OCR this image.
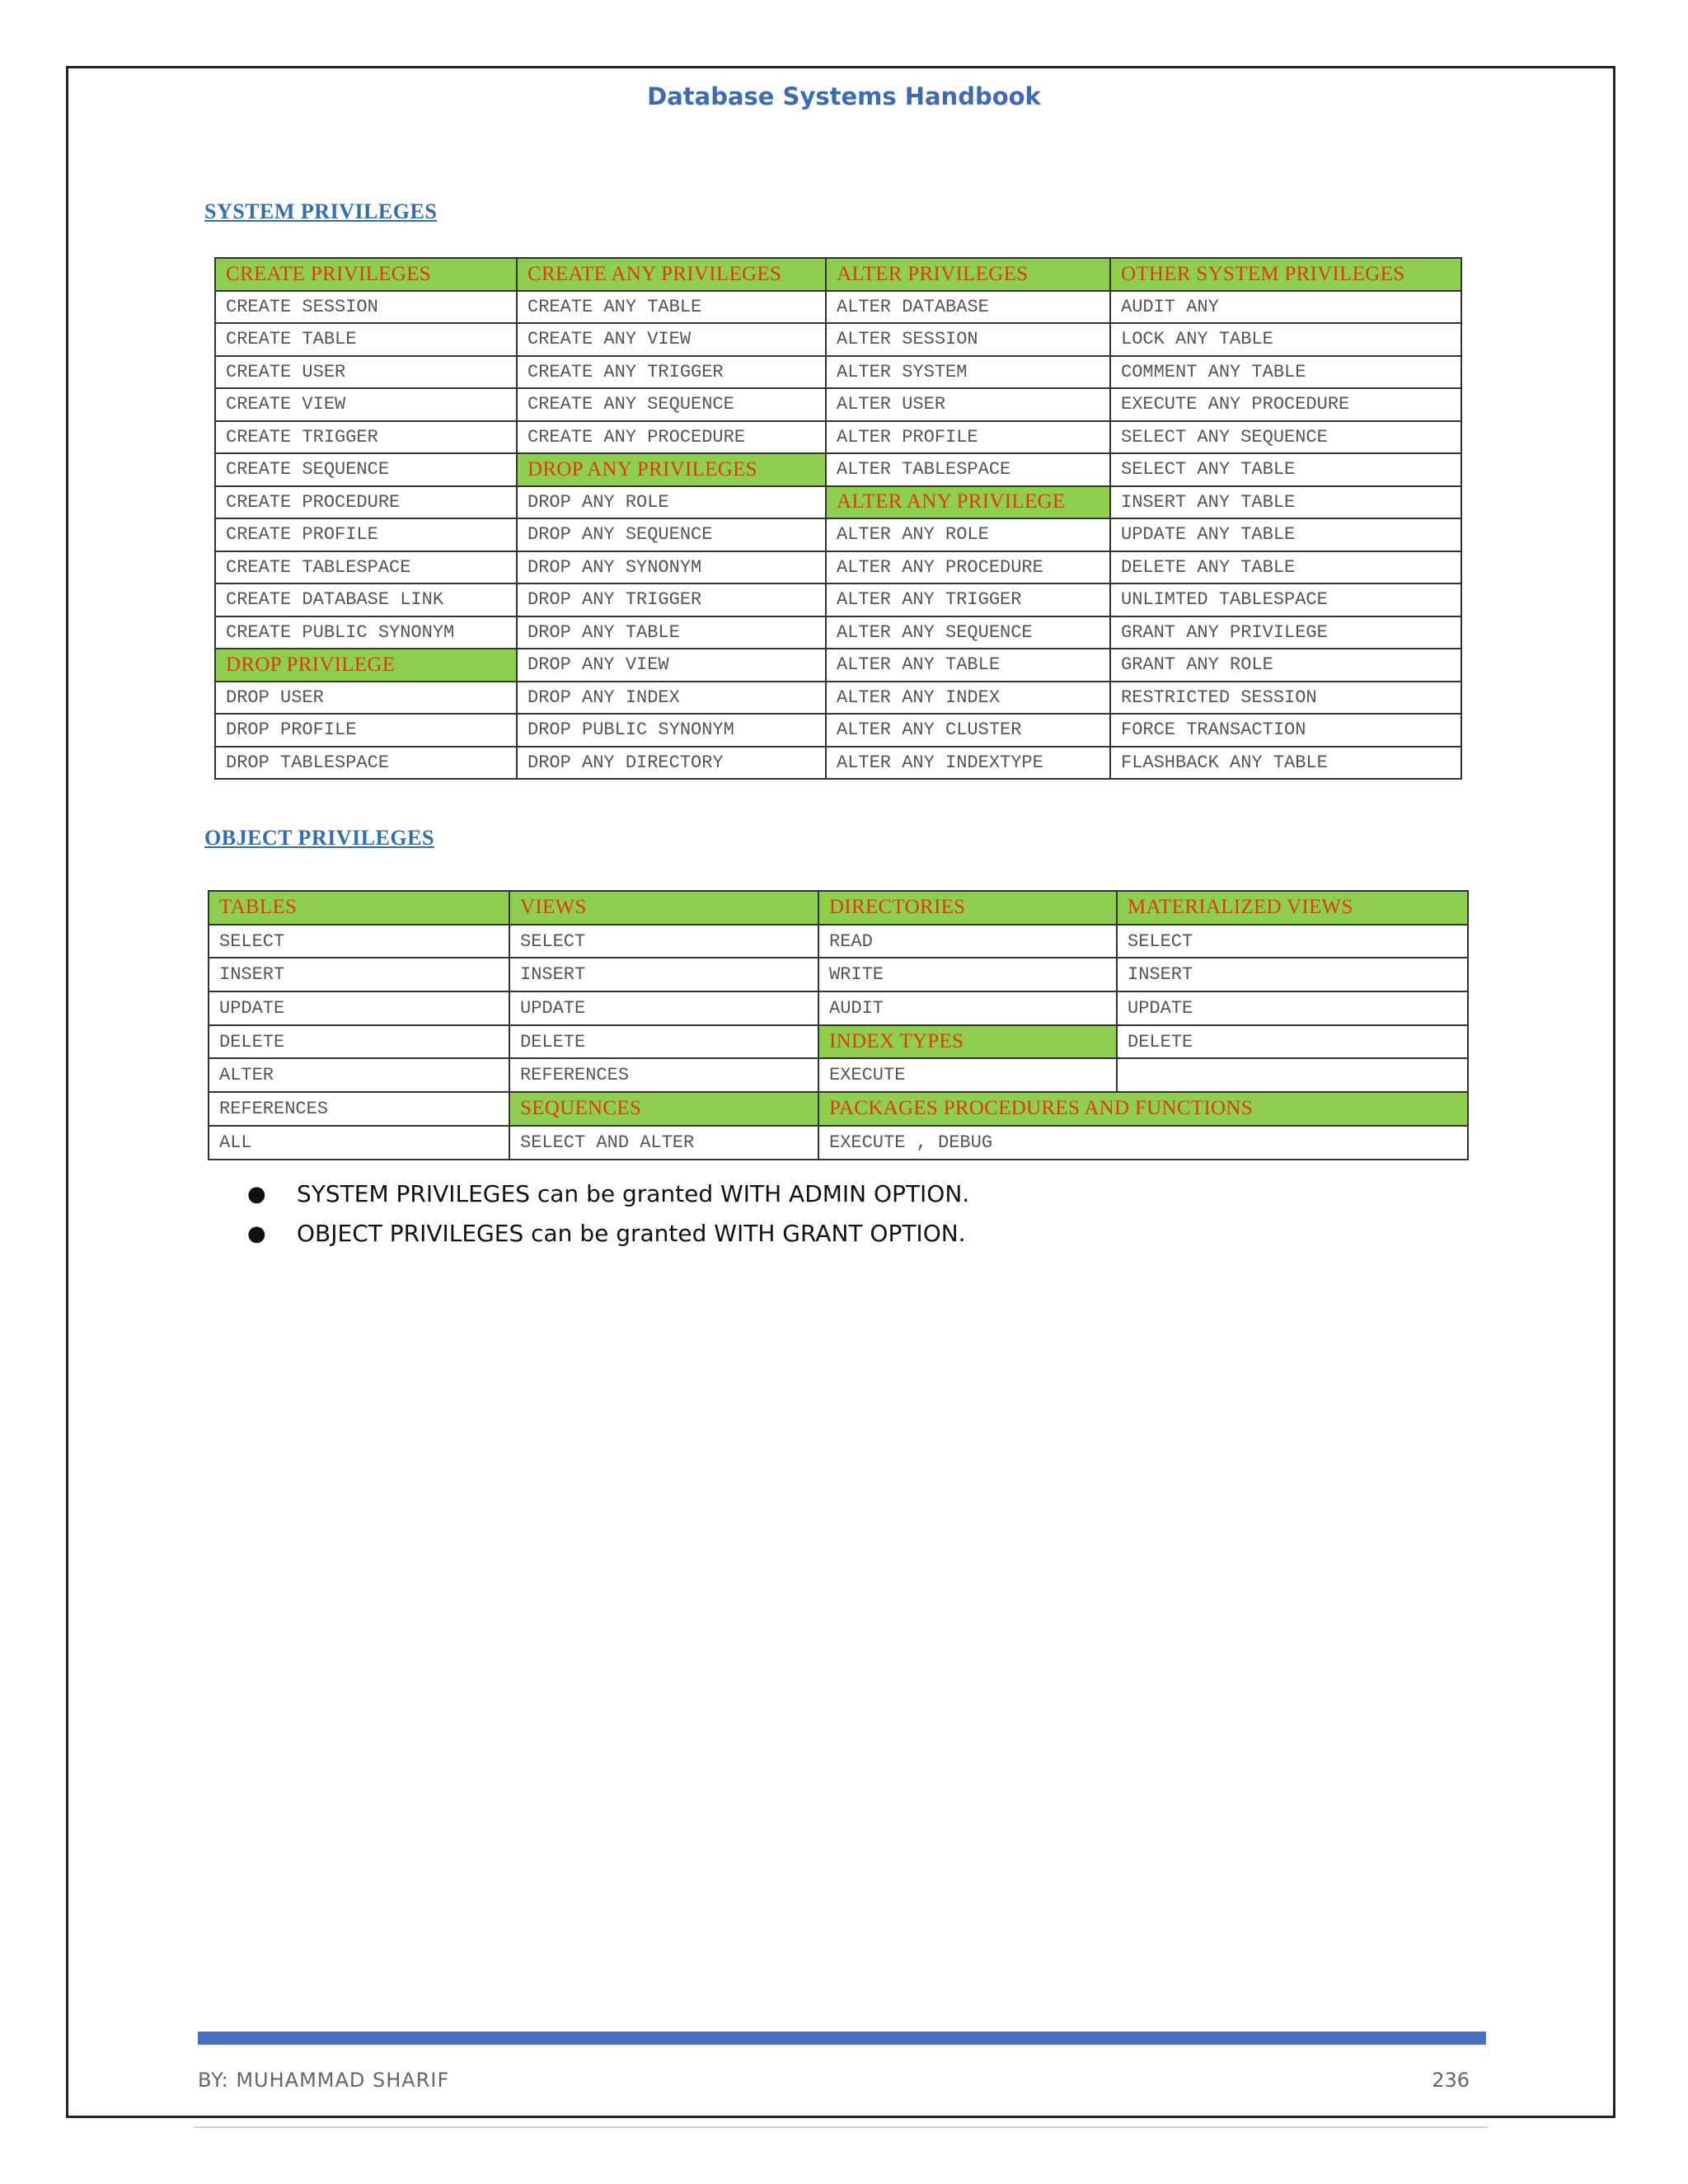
Database Systems Handbook
SYSTEM PRIVILEGES
CREATE PRIVILEGES	CREATE ANY PRIVILEGES	ALTER PRIVILEGES	OTHER SYSTEM PRIVILEGES
CREATE SESSION	CREATE ANY TABLE	ALTER DATABASE	AUDIT ANY
CREATE TABLE	CREATE ANY VIEW	ALTER SESSION	LOCK ANY TABLE
CREATE USER	CREATE ANY TRIGGER	ALTER SYSTEM	COMMENT ANY TABLE
CREATE VIEW	CREATE ANY SEQUENCE	ALTER USER	EXECUTE ANY PROCEDURE
CREATE TRIGGER	CREATE ANY PROCEDURE	ALTER PROFILE	SELECT ANY SEQUENCE
CREATE SEQUENCE	DROP ANY PRIVILEGES	ALTER TABLESPACE	SELECT ANY TABLE
CREATE PROCEDURE	DROP ANY ROLE	ALTER ANY PRIVILEGE	INSERT ANY TABLE
CREATE PROFILE	DROP ANY SEQUENCE	ALTER ANY ROLE	UPDATE ANY TABLE
CREATE TABLESPACE	DROP ANY SYNONYM	ALTER ANY PROCEDURE	DELETE ANY TABLE
CREATE DATABASE LINK	DROP ANY TRIGGER	ALTER ANY TRIGGER	UNLIMTED TABLESPACE
CREATE PUBLIC SYNONYM	DROP ANY TABLE	ALTER ANY SEQUENCE	GRANT ANY PRIVILEGE
DROP PRIVILEGE	DROP ANY VIEW	ALTER ANY TABLE	GRANT ANY ROLE
DROP USER	DROP ANY INDEX	ALTER ANY INDEX	RESTRICTED SESSION
DROP PROFILE	DROP PUBLIC SYNONYM	ALTER ANY CLUSTER	FORCE TRANSACTION
DROP TABLESPACE	DROP ANY DIRECTORY	ALTER ANY INDEXTYPE	FLASHBACK ANY TABLE
OBJECT PRIVILEGES
TABLES	VIEWS	DIRECTORIES	MATERIALIZED VIEWS
SELECT	SELECT	READ	SELECT
INSERT	INSERT	WRITE	INSERT
UPDATE	UPDATE	AUDIT	UPDATE
DELETE	DELETE	INDEX TYPES	DELETE
ALTER	REFERENCES	EXECUTE	
REFERENCES	SEQUENCES	PACKAGES PROCEDURES AND FUNCTIONS	
ALL	SELECT AND ALTER	EXECUTE , DEBUG	
● SYSTEM PRIVILEGES can be granted WITH ADMIN OPTION.
● OBJECT PRIVILEGES can be granted WITH GRANT OPTION.
BY: MUHAMMAD SHARIF	236
